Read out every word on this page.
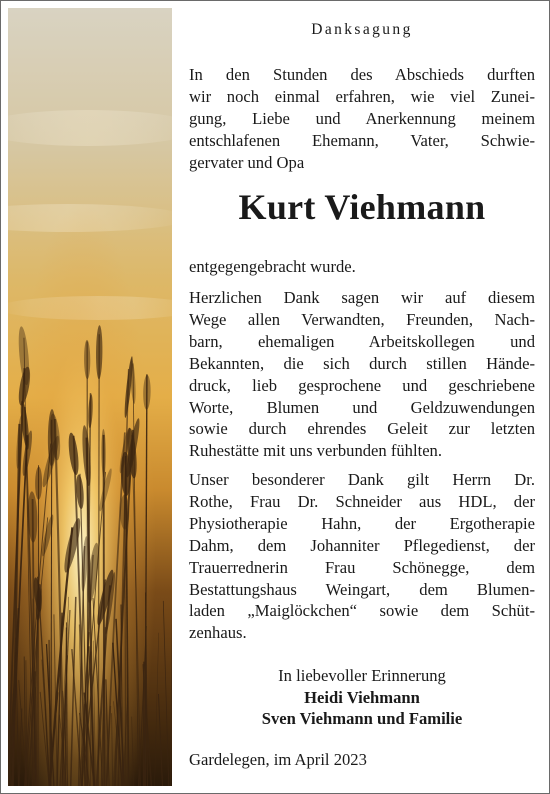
Danksagung

In den Stunden des Abschieds durften
wir noch einmal erfahren, wie viel Zunei-
gung, Liebe und Anerkennung meinem
entschlafenen Ehemann, Vater, Schwie-
gervater und Opa

Kurt Viehmann

entgegengebracht wurde.

Herzlichen Dank sagen wir auf diesem
Wege allen Verwandten, Freunden, Nach-
barn, ehemaligen Arbeitskollegen und
Bekannten, die sich durch stillen Hände-
druck, lieb gesprochene und geschriebene
Worte, Blumen und Geldzuwendungen
sowie durch ehrendes Geleit zur letzten
Ruhestätte mit uns verbunden fühlten.

Unser besonderer Dank gilt Herrn Dr.
Rothe, Frau Dr. Schneider aus HDL, der
Physiotherapie Hahn, der Ergotherapie
Dahm, dem Johanniter Pflegedienst, der
Trauerrednerin Frau Schönegge, dem
Bestattungshaus Weingart, dem Blumen-
laden „Maiglöckchen“ sowie dem Schüt-
zenhaus.

In liebevoller Erinnerung
Heidi Viehmann
Sven Viehmann und Familie
Gardelegen, im April 2023
